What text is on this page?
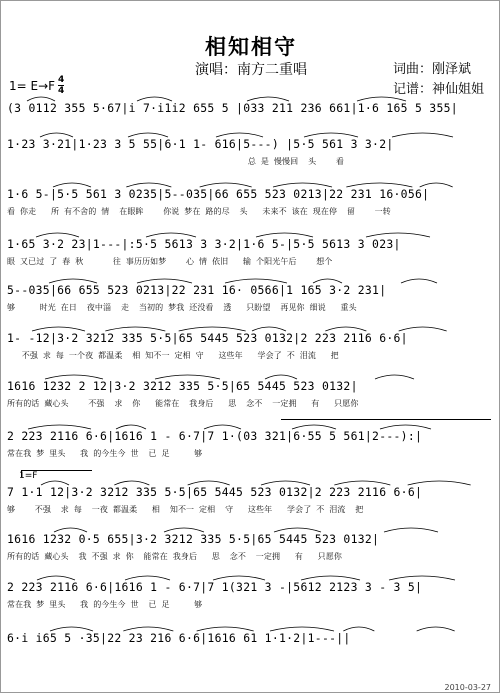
相知相守
演唱：南方二重唱
1= E→F 4
4
词曲：刚泽斌
记谱：神仙姐姐
(3 0112 355 5·67|i 7·i1i2 655 5 |033 211 236 661|1·6 165 5 355|
1·23 3·21|1·23 3 5 55|6·1 1- 616|5---) |5·5 561 3 3·2|
总 是 慢慢回  头    看
1·6 5-|5·5 561 3 0235|5--035|66 655 523 0213|22 231 16·056|
看 你走   所 有不舍的 情  在眼眸    你说 梦在 路的尽  头   未来不 该在 现在停  留    一转
1·65 3·2 23|1---|:5·5 5613 3 3·2|1·6 5-|5·5 5613 3 023|
眼 又已过 了 春 秋      往 事历历如梦    心 情 依旧   输 个阳光午后    想个
5--035|66 655 523 0213|22 231 16· 0566|1 165 3·2 231|
够     时光 在日  夜中淄  走  当初的 梦我 还没看  透   只盼望  再见你 细说   重头
1- -12|3·2 3212 335 5·5|65 5445 523 0132|2 223 2116 6·6|
不强 求 每 一个夜 都温柔  相 知不一 定相 守   这些年   学会了 不 泪流   把
1616 1232 2 12|3·2 3212 335 5·5|65 5445 523 0132|
所有的话 藏心头    不强  求  你   能常在  我身后   思  念不  一定拥   有   只愿你
2 223 2116 6·6|1616 1 - 6·7|7 1·(03 321|6·55 5 561|2---):|
常在我 梦 里头   我 的今生今 世  已 足     够
7 1·1 12|3·2 3212 335 5·5|65 5445 523 0132|2 223 2116 6·6|
够    不强  求 每  一夜 都温柔   相  知不一 定相  守   这些年   学会了 不 泪流  把
1616 1232 0·5 655|3·2 3212 335 5·5|65 5445 523 0132|
所有的话 藏心头  我 不强 求 你  能常在 我身后   思  念不  一定拥   有   只愿你
2 223 2116 6·6|1616 1 - 6·7|7 1(321 3 -|5612 2123 3 - 3 5|
常在我 梦 里头   我 的今生今 世  已 足     够
6·i i65 5 ·35|22 23 216 6·6|1616 61 1·1·2|1---||
1=F
2010-03-27
